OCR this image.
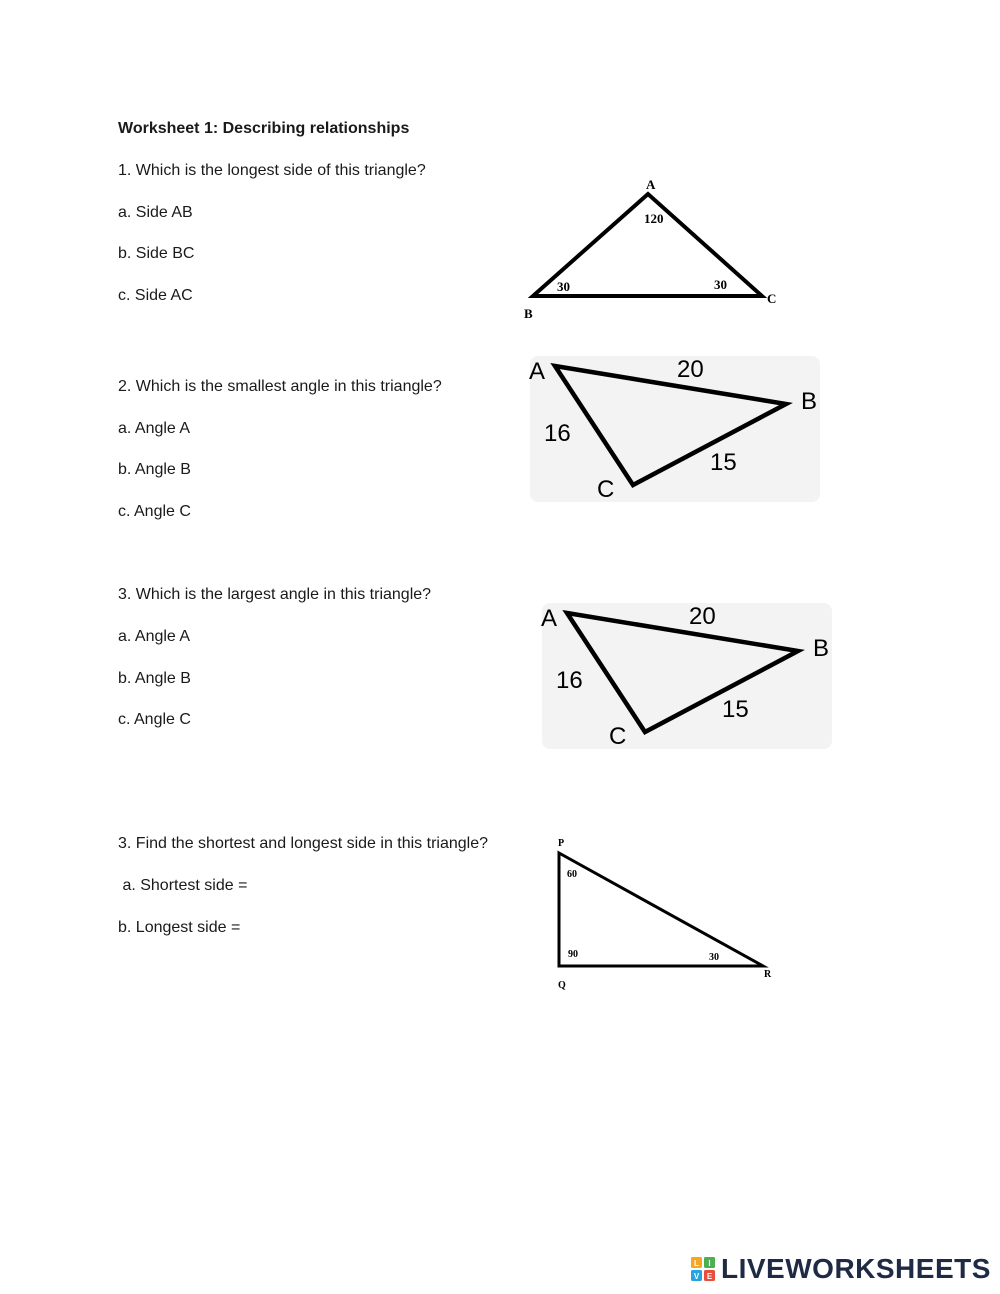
Worksheet 1: Describing relationships
1. Which is the longest side of this triangle?
a. Side AB
b. Side BC
c. Side AC
A
B
C
120
30	30
2. Which is the smallest angle in this triangle?
a. Angle A
b. Angle B
c. Angle C
A
B
C
20
16
15
3. Which is the largest angle in this triangle?
a. Angle A
b. Angle B
c. Angle C
A
B
C
20
16
15
3. Find the shortest and longest side in this triangle?
a. Shortest side =
b. Longest side =
P
Q
R
60
90	30
L I
V E LIVEWORKSHEETS
